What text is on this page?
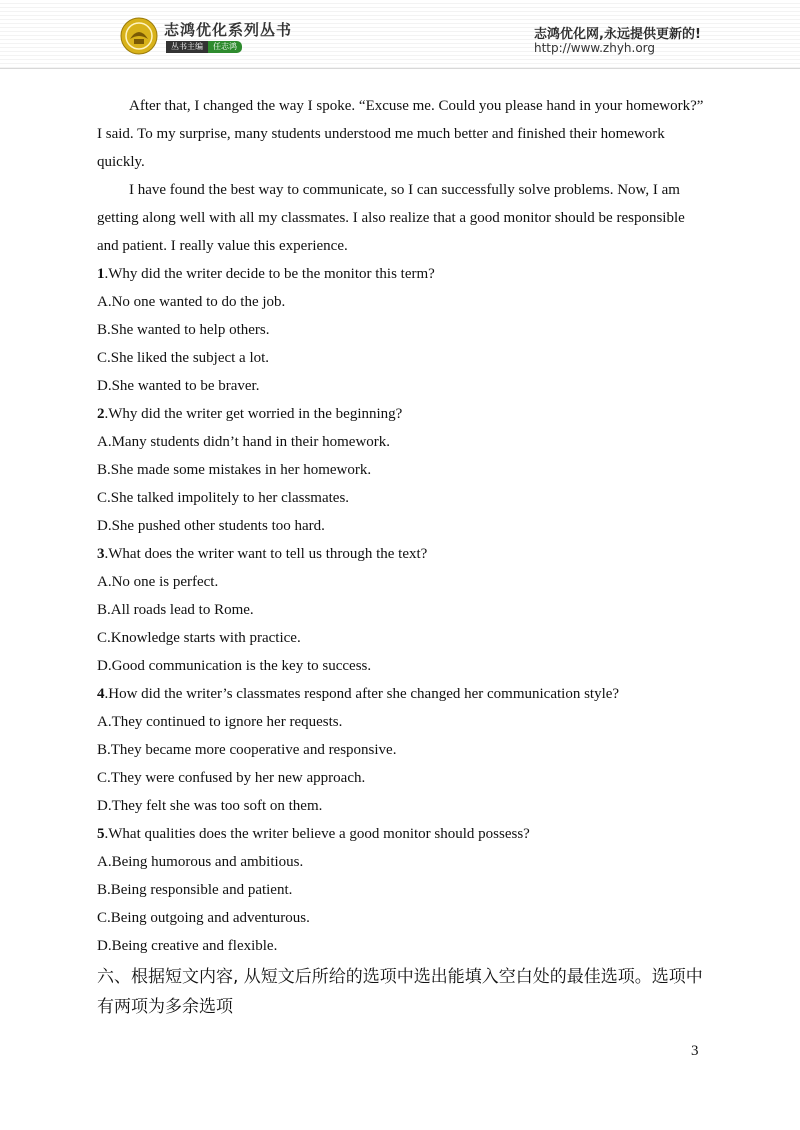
志鸿优化系列丛书
丛书主编	任志鸿
志鸿优化网,永远提供更新的!
http://www.zhyh.org

After that, I changed the way I spoke. “Excuse me. Could you please hand in your homework?” I said. To my surprise, many students understood me much better and finished their homework quickly.

I have found the best way to communicate, so I can successfully solve problems. Now, I am getting along well with all my classmates. I also realize that a good monitor should be responsible and patient. I really value this experience.

1.Why did the writer decide to be the monitor this term?
A.No one wanted to do the job.
B.She wanted to help others.
C.She liked the subject a lot.
D.She wanted to be braver.
2.Why did the writer get worried in the beginning?
A.Many students didn’t hand in their homework.
B.She made some mistakes in her homework.
C.She talked impolitely to her classmates.
D.She pushed other students too hard.
3.What does the writer want to tell us through the text?
A.No one is perfect.
B.All roads lead to Rome.
C.Knowledge starts with practice.
D.Good communication is the key to success.
4.How did the writer’s classmates respond after she changed her communication style?
A.They continued to ignore her requests.
B.They became more cooperative and responsive.
C.They were confused by her new approach.
D.They felt she was too soft on them.
5.What qualities does the writer believe a good monitor should possess?
A.Being humorous and ambitious.
B.Being responsible and patient.
C.Being outgoing and adventurous.
D.Being creative and flexible.
六、根据短文内容, 从短文后所给的选项中选出能填入空白处的最佳选项。选项中有两项为多余选项
3
